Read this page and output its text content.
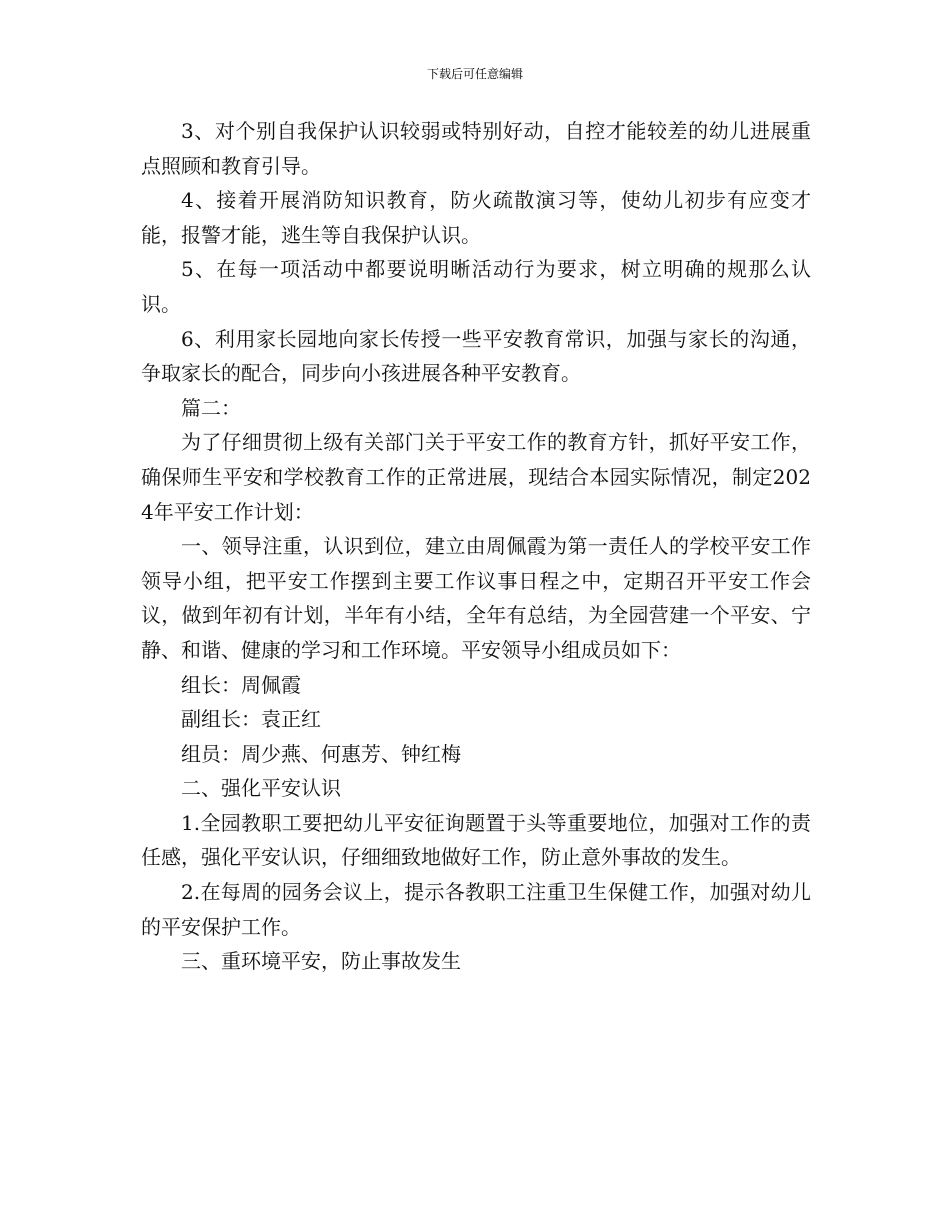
下载后可任意编辑

3、对个别自我保护认识较弱或特别好动，自控才能较差的幼儿进展重点照顾和教育引导。

4、接着开展消防知识教育，防火疏散演习等，使幼儿初步有应变才能，报警才能，逃生等自我保护认识。

5、在每一项活动中都要说明晰活动行为要求，树立明确的规那么认识。

6、利用家长园地向家长传授一些平安教育常识，加强与家长的沟通，争取家长的配合，同步向小孩进展各种平安教育。

篇二：

为了仔细贯彻上级有关部门关于平安工作的教育方针，抓好平安工作，确保师生平安和学校教育工作的正常进展，现结合本园实际情况，制定2024年平安工作计划：

一、领导注重，认识到位，建立由周佩霞为第一责任人的学校平安工作领导小组，把平安工作摆到主要工作议事日程之中，定期召开平安工作会议，做到年初有计划，半年有小结，全年有总结，为全园营建一个平安、宁静、和谐、健康的学习和工作环境。平安领导小组成员如下：

组长：周佩霞

副组长：袁正红

组员：周少燕、何惠芳、钟红梅

二、强化平安认识

1.全园教职工要把幼儿平安征询题置于头等重要地位，加强对工作的责任感，强化平安认识，仔细细致地做好工作，防止意外事故的发生。

2.在每周的园务会议上，提示各教职工注重卫生保健工作，加强对幼儿的平安保护工作。

三、重环境平安，防止事故发生
